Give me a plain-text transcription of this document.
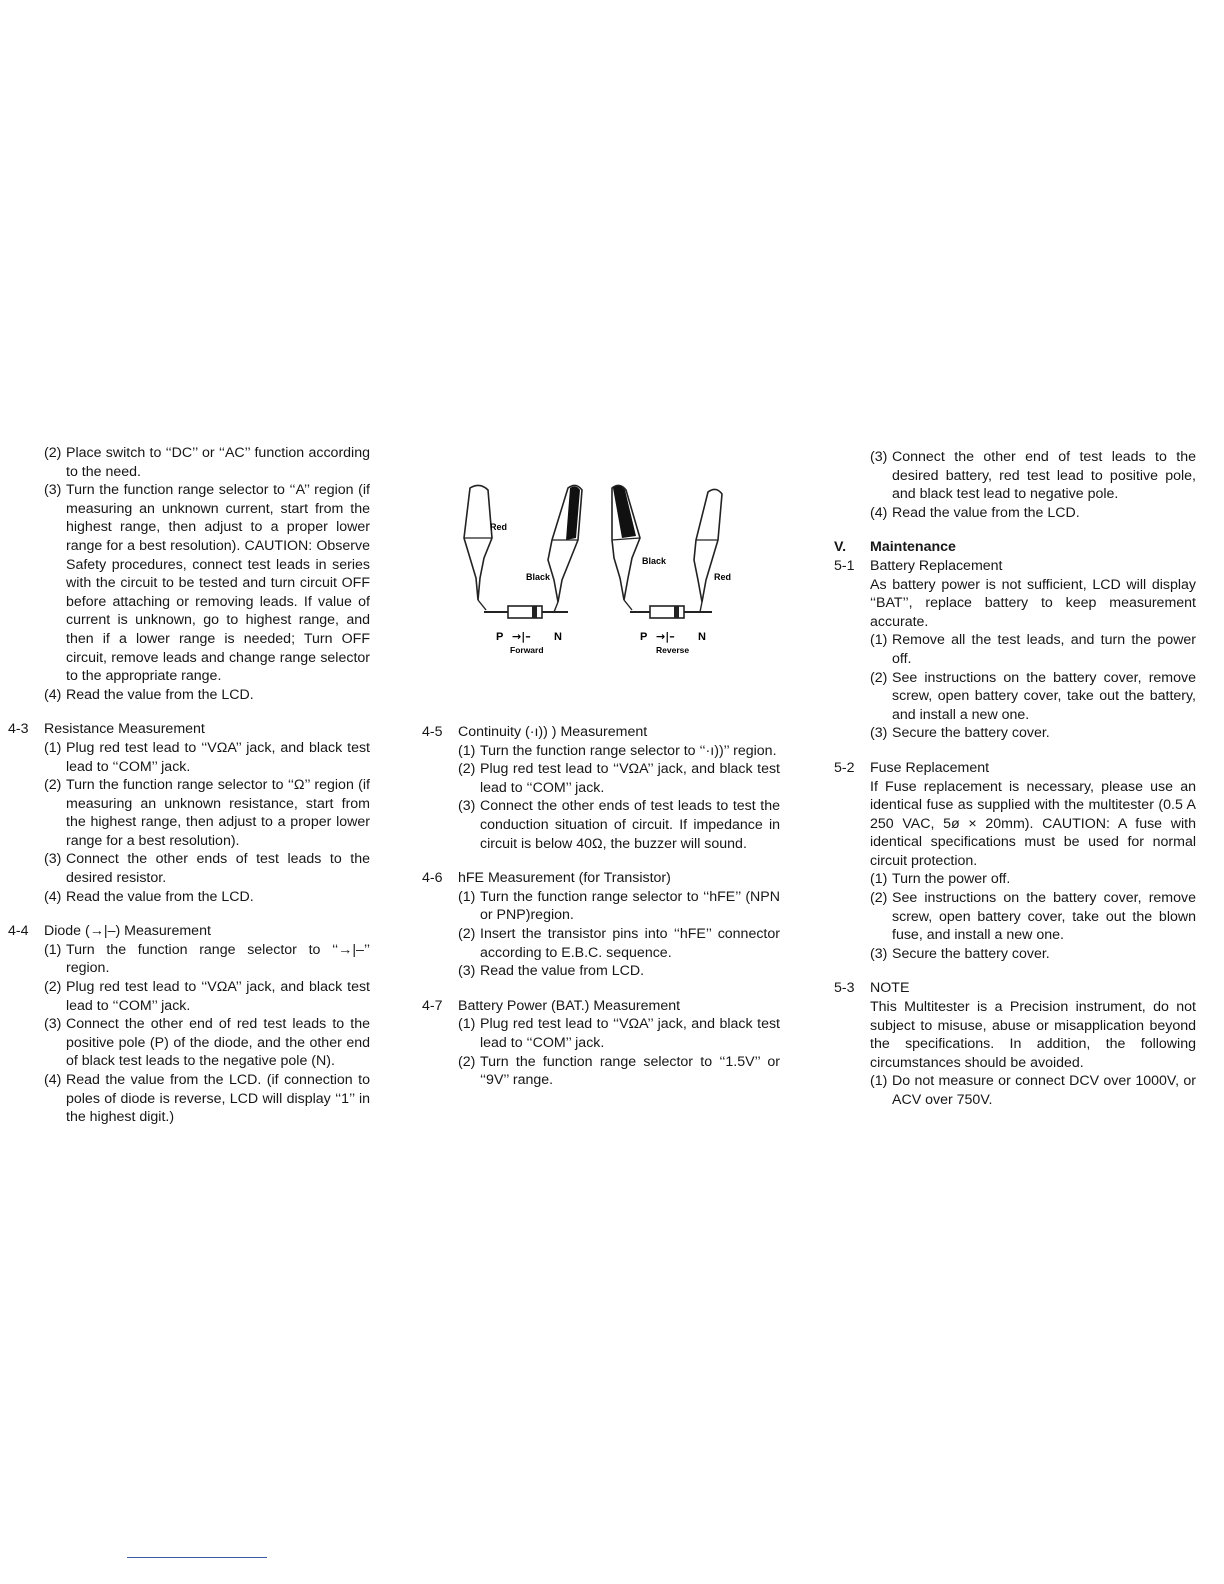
(2) Place switch to ‘‘DC’’ or ‘‘AC’’ function according to the need.
(3) Turn the function range selector to ‘‘A’’ region (if measuring an unknown current, start from the highest range, then adjust to a proper lower range for a best resolution). CAUTION: Observe Safety procedures, connect test leads in series with the circuit to be tested and turn circuit OFF before attaching or removing leads. If value of current is unknown, go to highest range, and then if a lower range is needed; Turn OFF circuit, remove leads and change range selector to the appropriate range.
(4) Read the value from the LCD.
4-3	Resistance Measurement
(1) Plug red test lead to ‘‘VΩA’’ jack, and black test lead to ‘‘COM’’ jack.
(2) Turn the function range selector to ‘‘Ω’’ region (if measuring an unknown resistance, start from the highest range, then adjust to a proper lower range for a best resolution).
(3) Connect the other ends of test leads to the desired resistor.
(4) Read the value from the LCD.
4-4	Diode (→|–) Measurement
(1) Turn the function range selector to ‘‘→|–’’ region.
(2) Plug red test lead to ‘‘VΩA’’ jack, and black test lead to ‘‘COM’’ jack.
(3) Connect the other end of red test leads to the positive pole (P) of the diode, and the other end of black test leads to the negative pole (N).
(4) Read the value from the LCD. (if connection to poles of diode is reverse, LCD will display ‘‘1’’ in the highest digit.)
Red
Black
P →|– N
Forward
Black
Red
P →|– N
Reverse
4-5	Continuity (·ı)) ) Measurement
(1) Turn the function range selector to ‘‘·ı))’’ region.
(2) Plug red test lead to ‘‘VΩA’’ jack, and black test lead to ‘‘COM’’ jack.
(3) Connect the other ends of test leads to test the conduction situation of circuit. If impedance in circuit is below 40Ω, the buzzer will sound.
4-6	hFE Measurement (for Transistor)
(1) Turn the function range selector to ‘‘hFE’’ (NPN or PNP)region.
(2) Insert the transistor pins into ‘‘hFE’’ connector according to E.B.C. sequence.
(3) Read the value from LCD.
4-7	Battery Power (BAT.) Measurement
(1) Plug red test lead to ‘‘VΩA’’ jack, and black test lead to ‘‘COM’’ jack.
(2) Turn the function range selector to ‘‘1.5V’’ or ‘‘9V’’ range.
(3) Connect the other end of test leads to the desired battery, red test lead to positive pole, and black test lead to negative pole.
(4) Read the value from the LCD.
V.	Maintenance
5-1	Battery Replacement

As battery power is not sufficient, LCD will display ‘‘BAT’’, replace battery to keep measurement accurate.

(1) Remove all the test leads, and turn the power off.
(2) See instructions on the battery cover, remove screw, open battery cover, take out the battery, and install a new one.
(3) Secure the battery cover.
5-2	Fuse Replacement

If Fuse replacement is necessary, please use an identical fuse as supplied with the multitester (0.5 A 250 VAC, 5ø × 20mm). CAUTION: A fuse with identical specifications must be used for normal circuit protection.

(1) Turn the power off.
(2) See instructions on the battery cover, remove screw, open battery cover, take out the blown fuse, and install a new one.
(3) Secure the battery cover.
5-3	NOTE

This Multitester is a Precision instrument, do not subject to misuse, abuse or misapplication beyond the specifications. In addition, the following circumstances should be avoided.

(1) Do not measure or connect DCV over 1000V, or ACV over 750V.
